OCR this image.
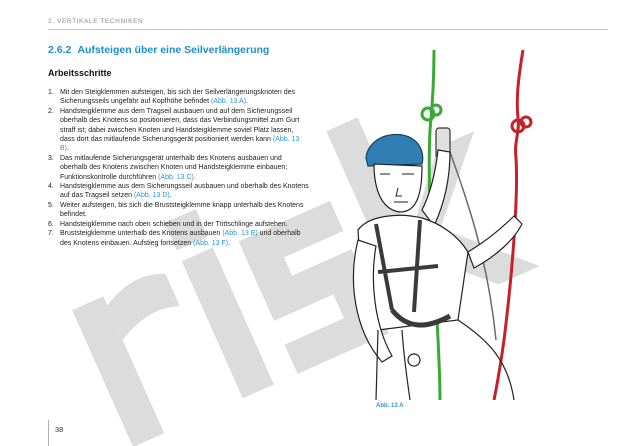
2. VERTIKALE TECHNIKEN
2.6.2 Aufsteigen über eine Seilverlängerung
Arbeitsschritte
1. Mit den Steigklemmen aufsteigen, bis sich der Seilverlängerungsknoten des Sicherungsseils ungefähr auf Kopfhöhe befindet (Abb. 13 A).
2. Handsteigklemme aus dem Tragseil ausbauen und auf dem Sicherungsseil oberhalb des Knotens so positionieren, dass das Verbindungsmittel zum Gurt straff ist; dabei zwischen Knoten und Handsteigklemme soviel Platz lassen, dass dort das mitlaufende Sicherungsgerät positioniert werden kann (Abb. 13 B).
3. Das mitlaufende Sicherungsgerät unterhalb des Knotens ausbauen und oberhalb des Knotens zwischen Knoten und Handsteigklemme einbauen; Funktionskontrolle durchführen (Abb. 13 C).
4. Handsteigklemme aus dem Sicherungsseil ausbauen und oberhalb des Knotens auf das Tragseil setzen (Abb. 13 D).
5. Weiter aufsteigen, bis sich die Bruststeigklemme knapp unterhalb des Knotens befindet.
6. Handsteigklemme nach oben schieben und in der Trittschlinge aufstehen.
7. Bruststeigklemme unterhalb des Knotens ausbauen (Abb. 13 E) und oberhalb des Knotens einbauen. Aufstieg fortsetzen (Abb. 13 F).
Abb. 13 A
38
